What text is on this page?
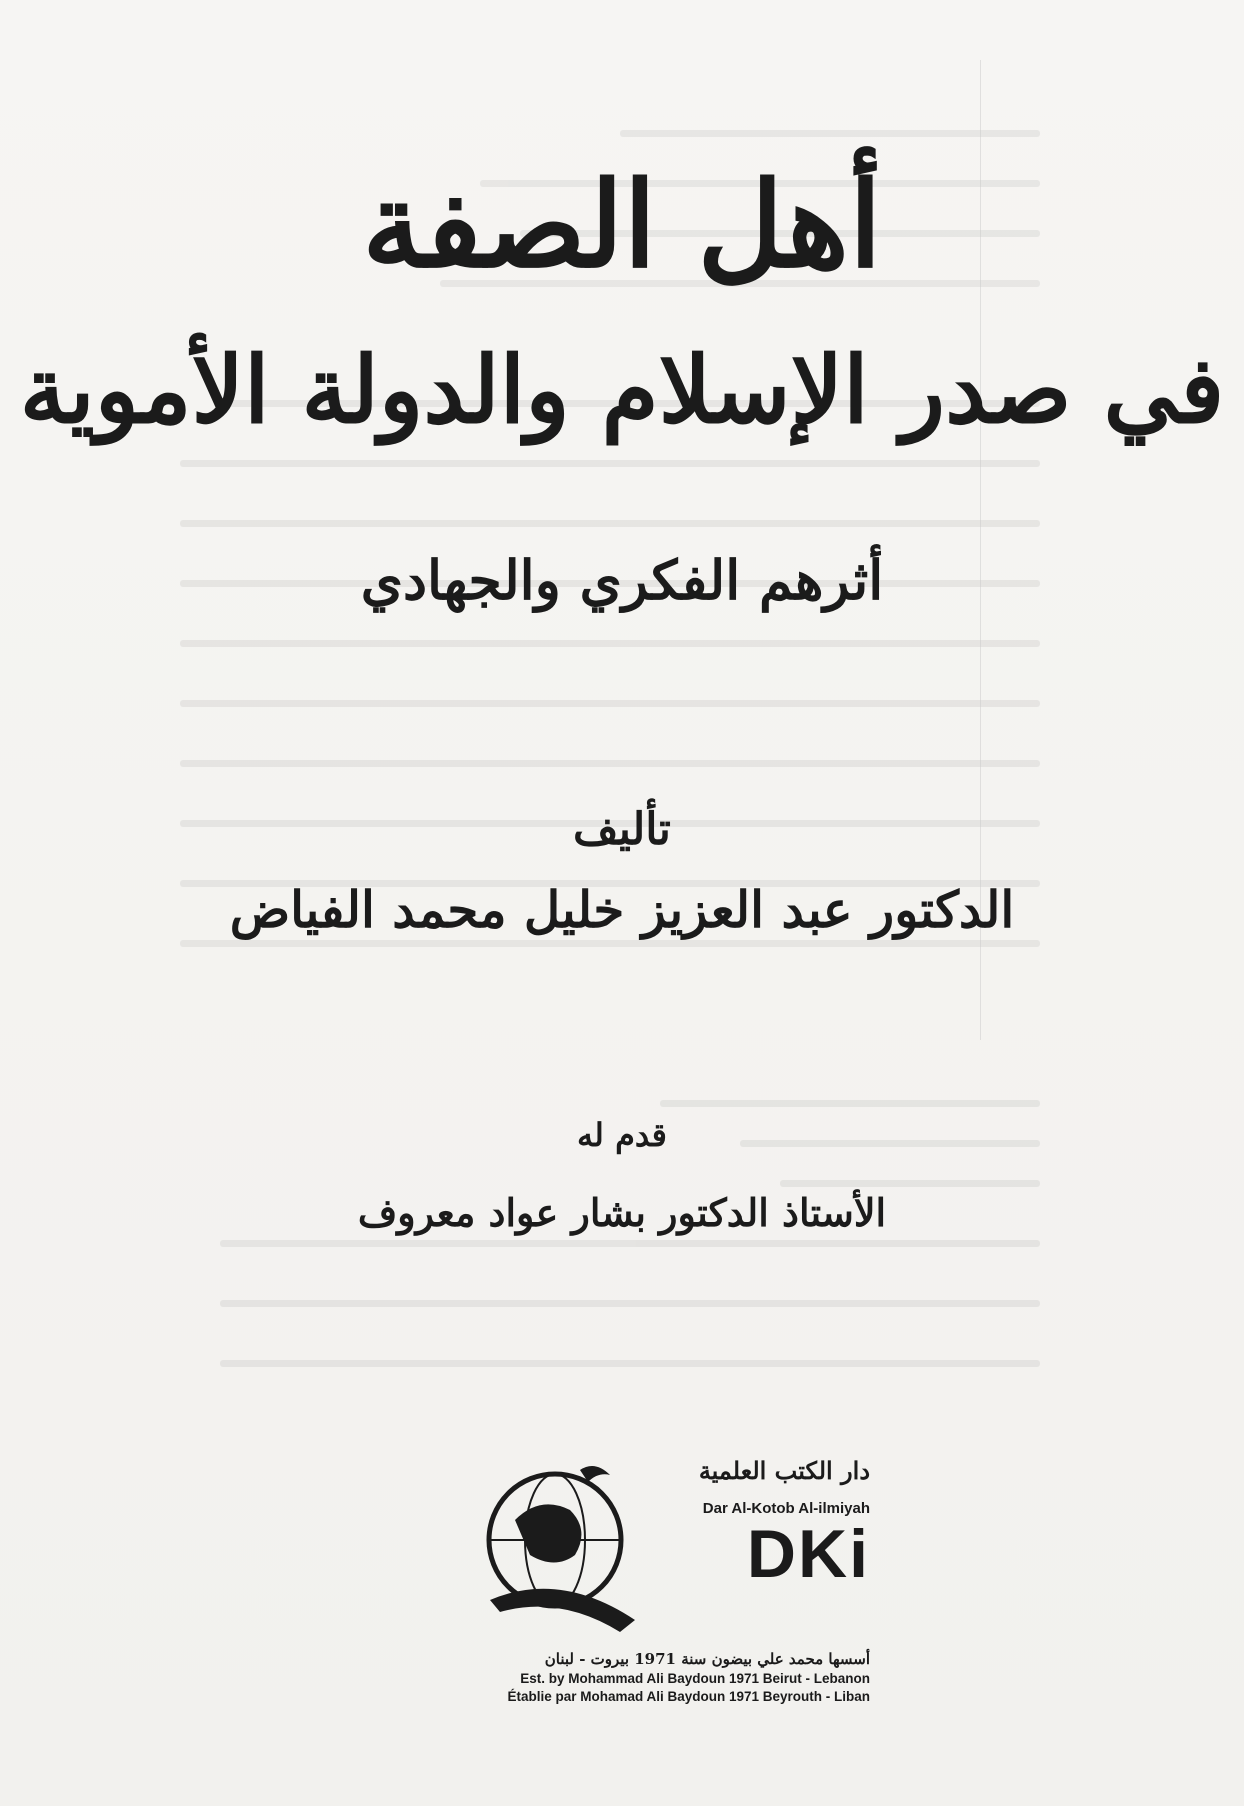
أهل الصفة
في صدر الإسلام والدولة الأموية
أثرهم الفكري والجهادي
تأليف
الدكتور عبد العزيز خليل محمد الفياض
قدم له
الأستاذ الدكتور بشار عواد معروف
دار الكتب العلمية
Dar Al-Kotob Al-ilmiyah
DKi
أسسها محمد علي بيضون سنة 1971 بيروت - لبنان
Est. by Mohammad Ali Baydoun 1971 Beirut - Lebanon
Établie par Mohamad Ali Baydoun 1971 Beyrouth - Liban
